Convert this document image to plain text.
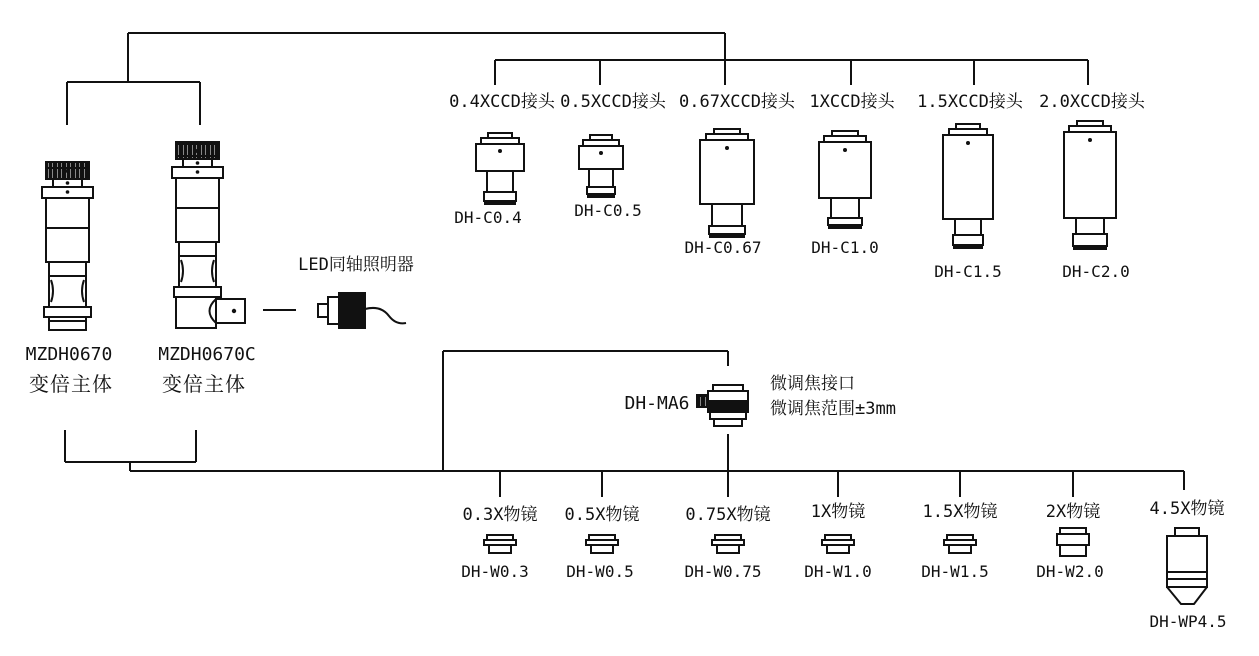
0.4XCCD接头 0.5XCCD接头 0.67XCCD接头 1XCCD接头 1.5XCCD接头 2.0XCCD接头
DH-C0.4	DH-C0.5
DH-C0.67	DH-C1.0
DH-C1.5	DH-C2.0
MZDH0670
变倍主体
MZDH0670C
变倍主体
LED同轴照明器
DH-MA6
微调焦接口
微调焦范围±3mm
0.3X物镜 0.5X物镜	0.75X物镜 1X物镜	1.5X物镜	2X物镜	4.5X物镜
DH-W0.3 DH-W0.5	DH-W0.75	DH-W1.0	DH-W1.5	DH-W2.0
DH-WP4.5
